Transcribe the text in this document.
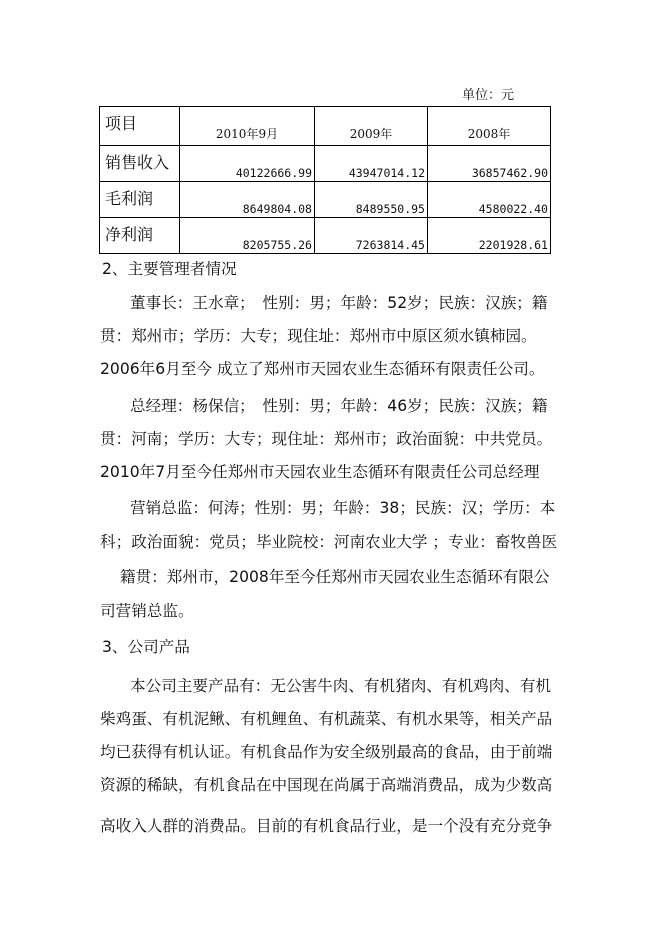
单位：元
项目	2010年9月	2009年	2008年

销售收入	40122666.99	43947014.12	36857462.90

毛利润	8649804.08	8489550.95	4580022.40

净利润	8205755.26	7263814.45	2201928.61
2、主要管理者情况
董事长：王水章；　性别：男；年龄：52岁；民族：汉族；籍
贯：郑州市；学历：大专；现住址：郑州市中原区须水镇柿园。
2006年6月至今 成立了郑州市天园农业生态循环有限责任公司。
总经理：杨保信；　性别：男；年龄：46岁；民族：汉族；籍
贯：河南；学历：大专；现住址：郑州市；政治面貌：中共党员。
2010年7月至今任郑州市天园农业生态循环有限责任公司总经理
营销总监：何涛；性别：男；年龄：38；民族：汉；学历：本
科；政治面貌：党员；毕业院校：河南农业大学 ；专业：畜牧兽医
籍贯：郑州市，2008年至今任郑州市天园农业生态循环有限公
司营销总监。
3、公司产品
本公司主要产品有：无公害牛肉、有机猪肉、有机鸡肉、有机
柴鸡蛋、有机泥鳅、有机鲤鱼、有机蔬菜、有机水果等，相关产品
均已获得有机认证。有机食品作为安全级别最高的食品，由于前端
资源的稀缺，有机食品在中国现在尚属于高端消费品，成为少数高
高收入人群的消费品。目前的有机食品行业，是一个没有充分竞争
